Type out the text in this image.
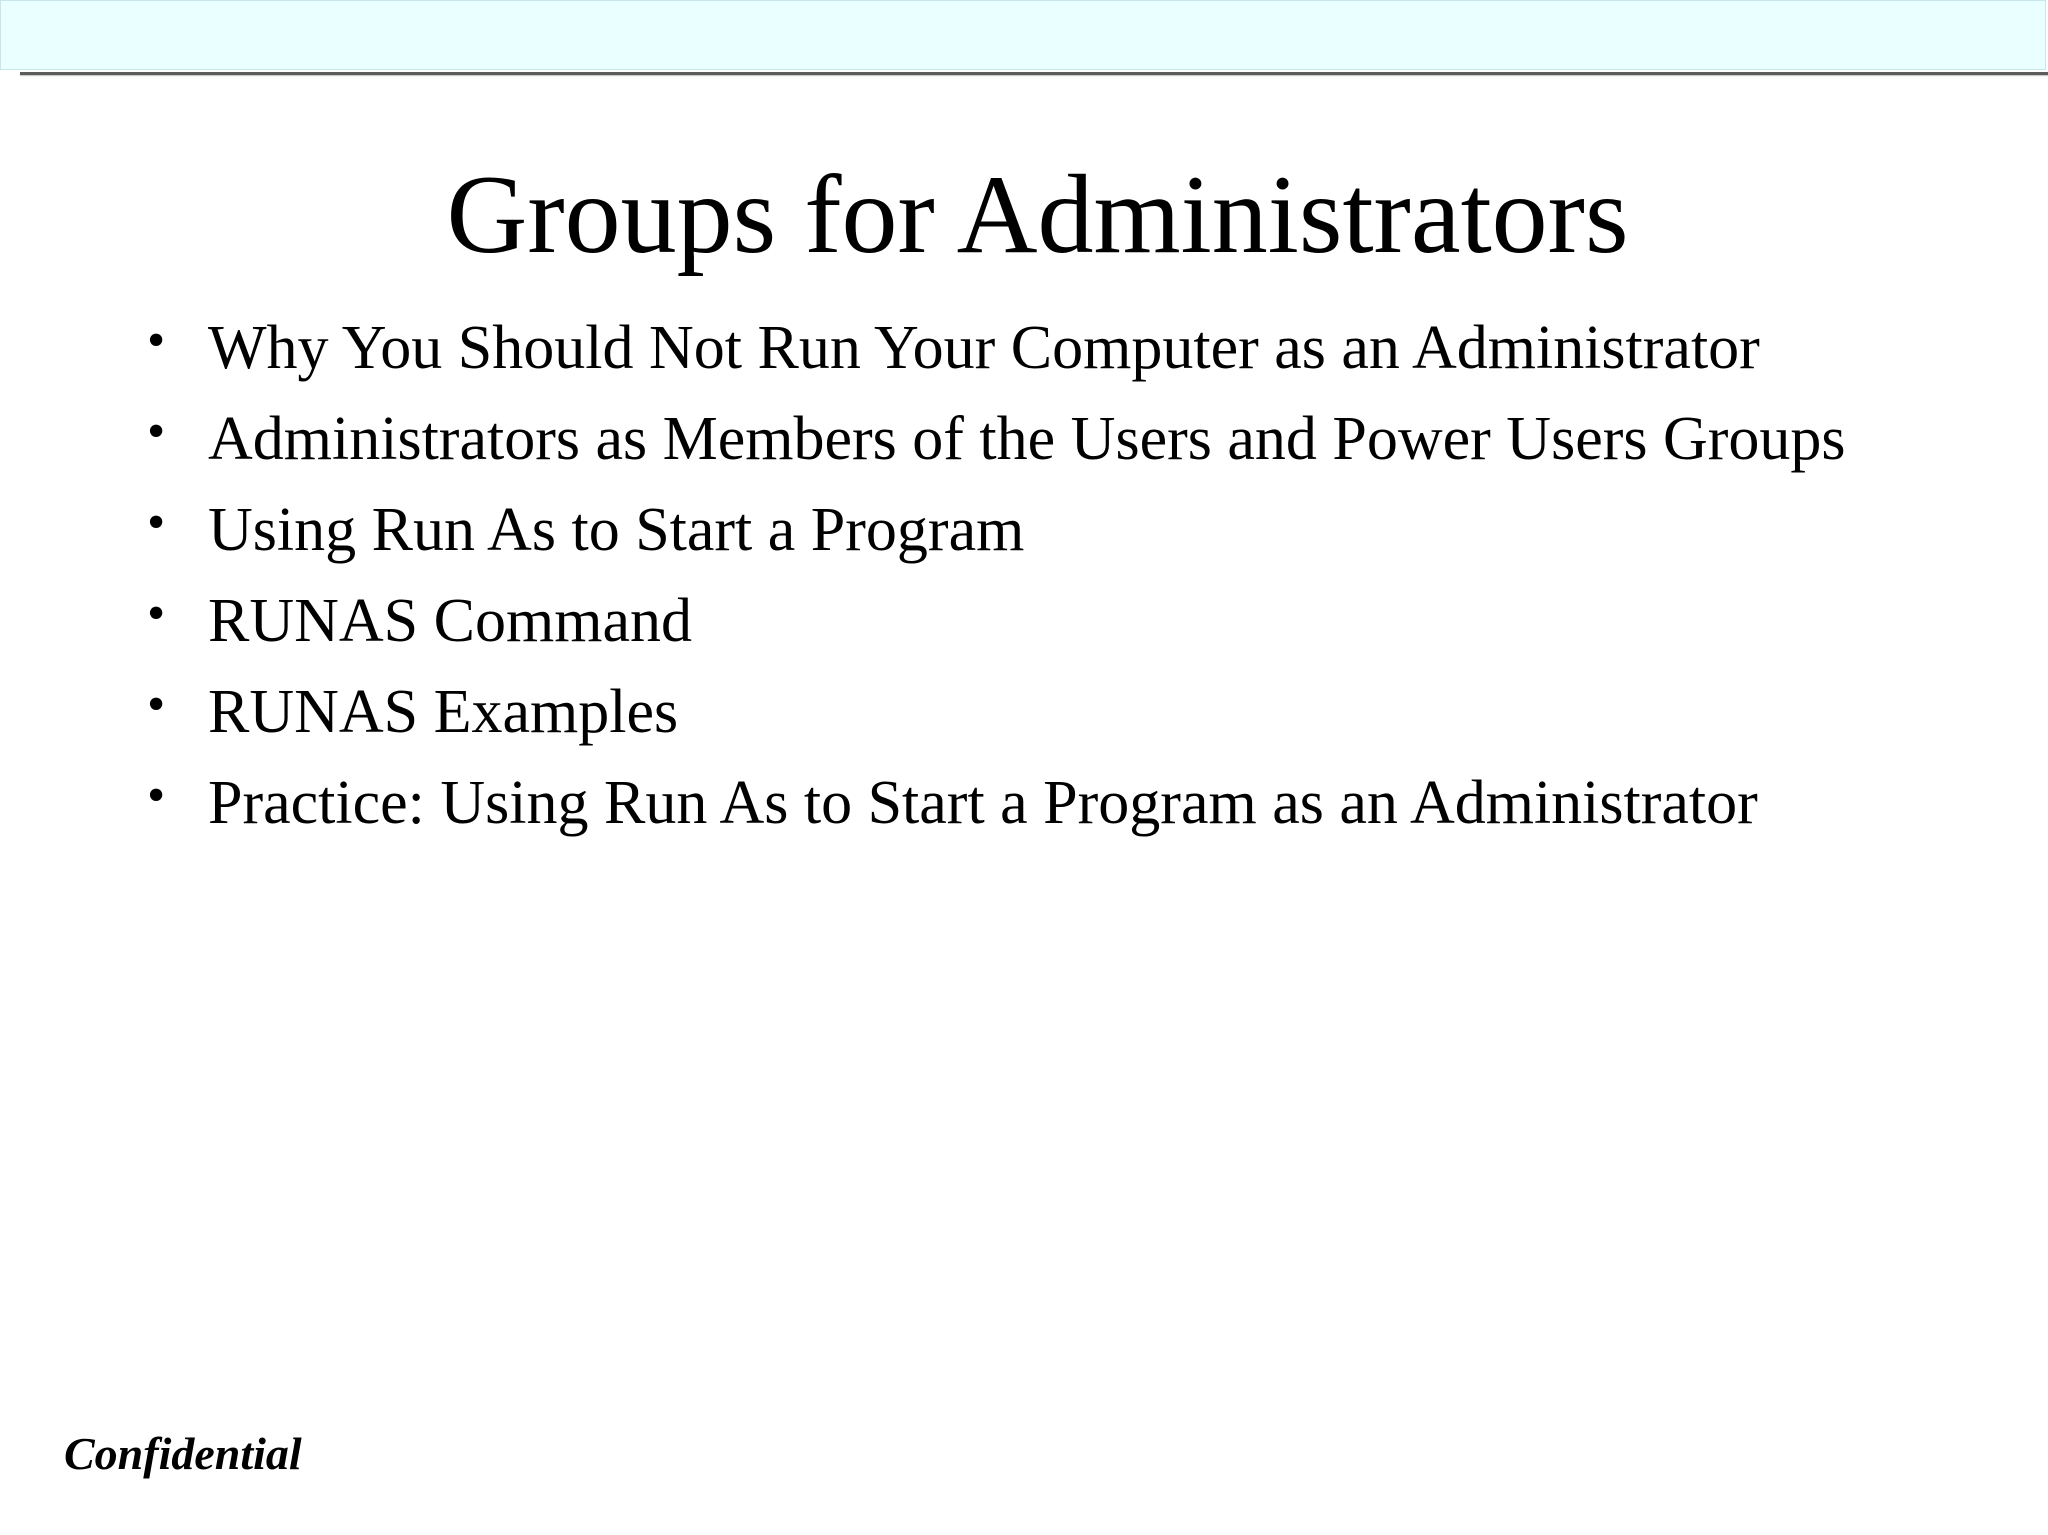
Groups for Administrators
• Why You Should Not Run Your Computer as an Administrator
• Administrators as Members of the Users and Power Users Groups
• Using Run As to Start a Program
• RUNAS Command
• RUNAS Examples
• Practice: Using Run As to Start a Program as an Administrator
Confidential
